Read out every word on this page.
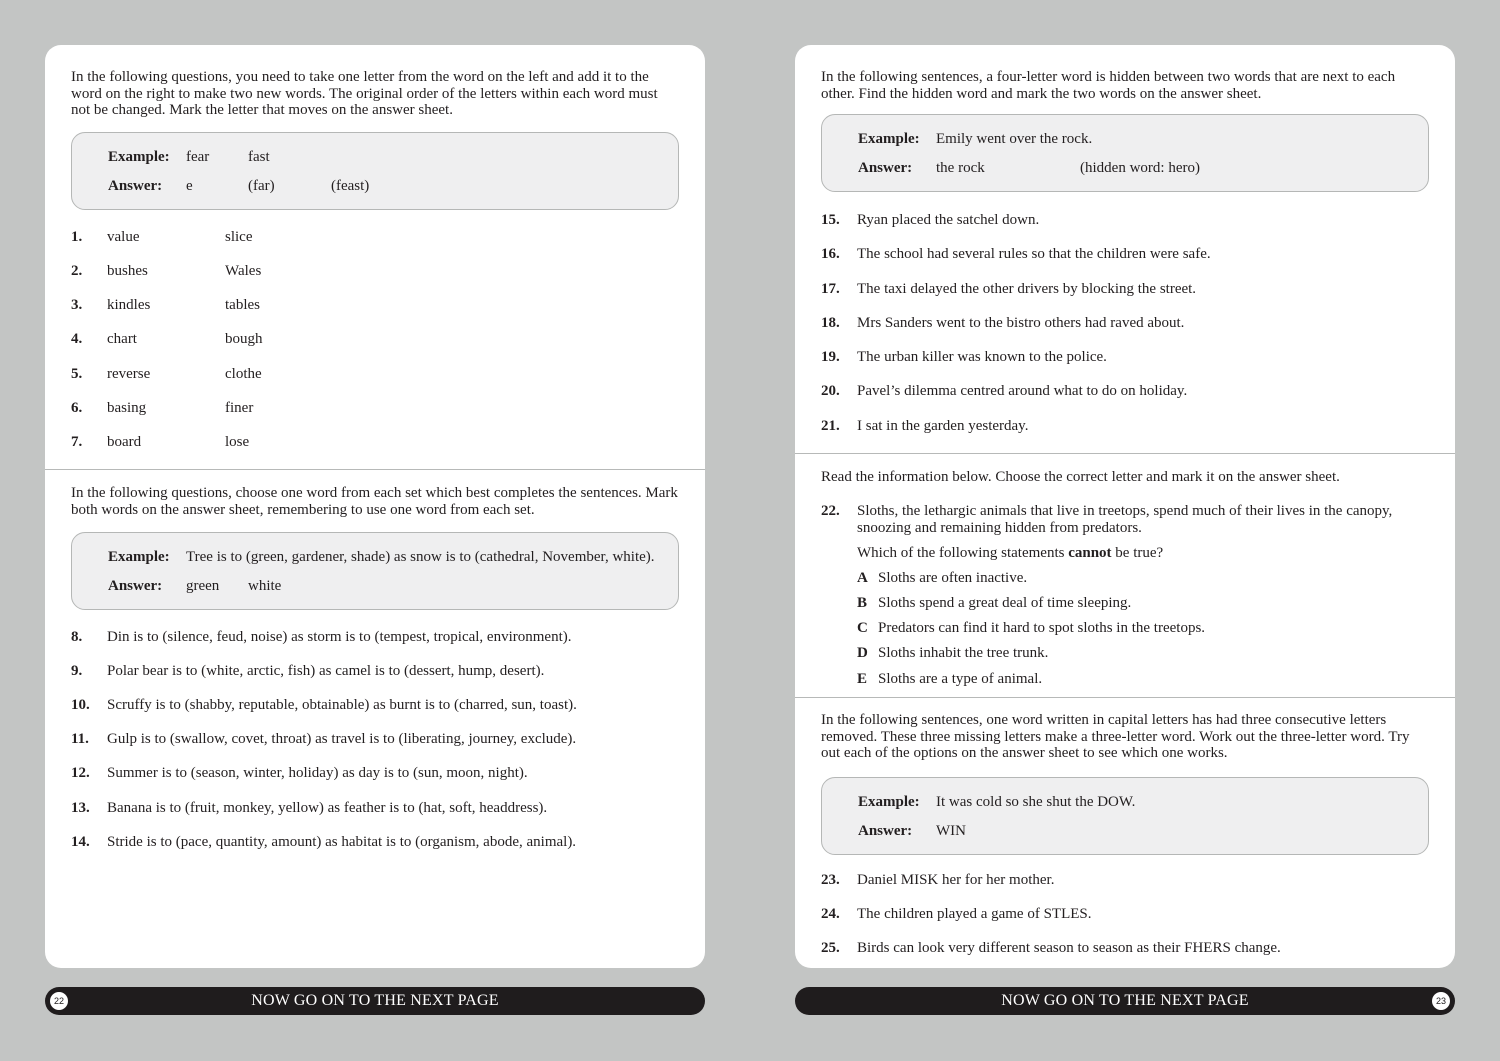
In the following questions, you need to take one letter from the word on the left and add it to the word on the right to make two new words. The original order of the letters within each word must not be changed. Mark the letter that moves on the answer sheet.
Example: fear	fast
Answer: e	(far)	(feast)
1. value	slice
2. bushes	Wales
3. kindles	tables
4. chart	bough
5. reverse	clothe
6. basing	finer
7. board	lose
In the following questions, choose one word from each set which best completes the sentences. Mark both words on the answer sheet, remembering to use one word from each set.
Example: Tree is to (green, gardener, shade) as snow is to (cathedral, November, white).
Answer: green white
8. Din is to (silence, feud, noise) as storm is to (tempest, tropical, environment).
9. Polar bear is to (white, arctic, fish) as camel is to (dessert, hump, desert).
10. Scruffy is to (shabby, reputable, obtainable) as burnt is to (charred, sun, toast).
11. Gulp is to (swallow, covet, throat) as travel is to (liberating, journey, exclude).
12. Summer is to (season, winter, holiday) as day is to (sun, moon, night).
13. Banana is to (fruit, monkey, yellow) as feather is to (hat, soft, headdress).
14. Stride is to (pace, quantity, amount) as habitat is to (organism, abode, animal).
22	NOW GO ON TO THE NEXT PAGE
In the following sentences, a four-letter word is hidden between two words that are next to each other. Find the hidden word and mark the two words on the answer sheet.
Example: Emily went over the rock.
Answer: the rock	(hidden word: hero)
15. Ryan placed the satchel down.
16. The school had several rules so that the children were safe.
17. The taxi delayed the other drivers by blocking the street.
18. Mrs Sanders went to the bistro others had raved about.
19. The urban killer was known to the police.
20. Pavel’s dilemma centred around what to do on holiday.
21. I sat in the garden yesterday.
Read the information below. Choose the correct letter and mark it on the answer sheet.
22. Sloths, the lethargic animals that live in treetops, spend much of their lives in the canopy, snoozing and remaining hidden from predators.
Which of the following statements cannot be true?
A Sloths are often inactive.
B Sloths spend a great deal of time sleeping.
C Predators can find it hard to spot sloths in the treetops.
D Sloths inhabit the tree trunk.
E Sloths are a type of animal.
In the following sentences, one word written in capital letters has had three consecutive letters removed. These three missing letters make a three-letter word. Work out the three-letter word. Try out each of the options on the answer sheet to see which one works.
Example: It was cold so she shut the DOW.
Answer: WIN
23. Daniel MISK her for her mother.
24. The children played a game of STLES.
25. Birds can look very different season to season as their FHERS change.
NOW GO ON TO THE NEXT PAGE	23
